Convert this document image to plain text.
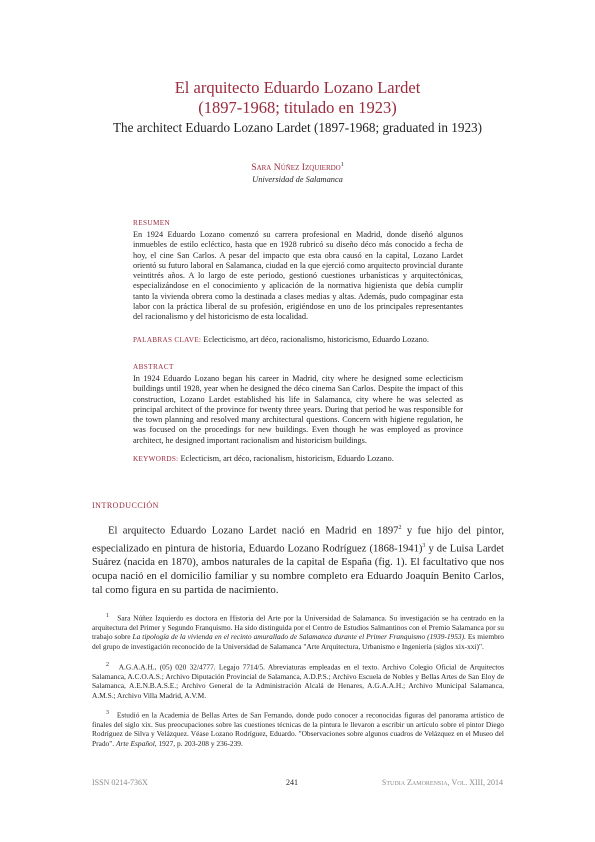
El arquitecto Eduardo Lozano Lardet
(1897-1968; titulado en 1923)
The architect Eduardo Lozano Lardet (1897-1968; graduated in 1923)
Sara Núñez Izquierdo$^1$
Universidad de Salamanca
RESUMEN
En 1924 Eduardo Lozano comenzó su carrera profesional en Madrid, donde diseñó algunos inmuebles de estilo ecléctico, hasta que en 1928 rubricó su diseño déco más conocido a fecha de hoy, el cine San Carlos. A pesar del impacto que esta obra causó en la capital, Lozano Lardet orientó su futuro laboral en Salamanca, ciudad en la que ejerció como arquitecto provincial durante veintitrés años. A lo largo de este periodo, gestionó cuestiones urbanísticas y arquitectónicas, especializándose en el conocimiento y aplicación de la normativa higienista que debía cumplir tanto la vivienda obrera como la destinada a clases medias y altas. Además, pudo compaginar esta labor con la práctica liberal de su profesión, erigiéndose en uno de los principales representantes del racionalismo y del historicismo de esta localidad.
PALABRAS CLAVE: Eclecticismo, art déco, racionalismo, historicismo, Eduardo Lozano.
ABSTRACT
In 1924 Eduardo Lozano began his career in Madrid, city where he designed some eclecticism buildings until 1928, year when he designed the déco cinema San Carlos. Despite the impact of this construction, Lozano Lardet established his life in Salamanca, city where he was selected as principal architect of the province for twenty three years. During that period he was responsible for the town planning and resolved many architectural questions. Concern with higiene regulation, he was focused on the procedings for new buildings. Even though he was employed as province architect, he designed important racionalism and historicism buildings.
KEYWORDS: Eclecticism, art déco, racionalism, historicism, Eduardo Lozano.
INTRODUCCIÓN
El arquitecto Eduardo Lozano Lardet nació en Madrid en 1897$^2$ y fue hijo del pintor, especializado en pintura de historia, Eduardo Lozano Rodríguez (1868-1941)$^3$ y de Luisa Lardet Suárez (nacida en 1870), ambos naturales de la capital de España (fig. 1). El facultativo que nos ocupa nació en el domicilio familiar y su nombre completo era Eduardo Joaquín Benito Carlos, tal como figura en su partida de nacimiento.
$^1$ Sara Núñez Izquierdo es doctora en Historia del Arte por la Universidad de Salamanca. Su investigación se ha centrado en la arquitectura del Primer y Segundo Franquismo. Ha sido distinguida por el Centro de Estudios Salmantinos con el Premio Salamanca por su trabajo sobre La tipología de la vivienda en el recinto amurallado de Salamanca durante el Primer Franquismo (1939-1953). Es miembro del grupo de investigación reconocido de la Universidad de Salamanca "Arte Arquitectura, Urbanismo e Ingeniería (siglos xix-xxi)".
$^2$ A.G.A.A.H., (05) 020 32/4777. Legajo 7714/5. Abreviaturas empleadas en el texto. Archivo Colegio Oficial de Arquitectos Salamanca, A.C.O.A.S.; Archivo Diputación Provincial de Salamanca, A.D.P.S.; Archivo Escuela de Nobles y Bellas Artes de San Eloy de Salamanca, A.E.N.B.A.S.E.; Archivo General de la Administración Alcalá de Henares, A.G.A.A.H.; Archivo Municipal Salamanca, A.M.S.; Archivo Villa Madrid, A.V.M.
$^3$ Estudió en la Academia de Bellas Artes de San Fernando, donde pudo conocer a reconocidas figuras del panorama artístico de finales del siglo xix. Sus preocupaciones sobre las cuestiones técnicas de la pintura le llevaron a escribir un artículo sobre el pintor Diego Rodríguez de Silva y Velázquez. Véase Lozano Rodríguez, Eduardo. "Observaciones sobre algunos cuadros de Velázquez en el Museo del Prado". Arte Español, 1927, p. 203-208 y 236-239.
ISSN 0214-736X	241	Studia Zamorensia, Vol. XIII, 2014
